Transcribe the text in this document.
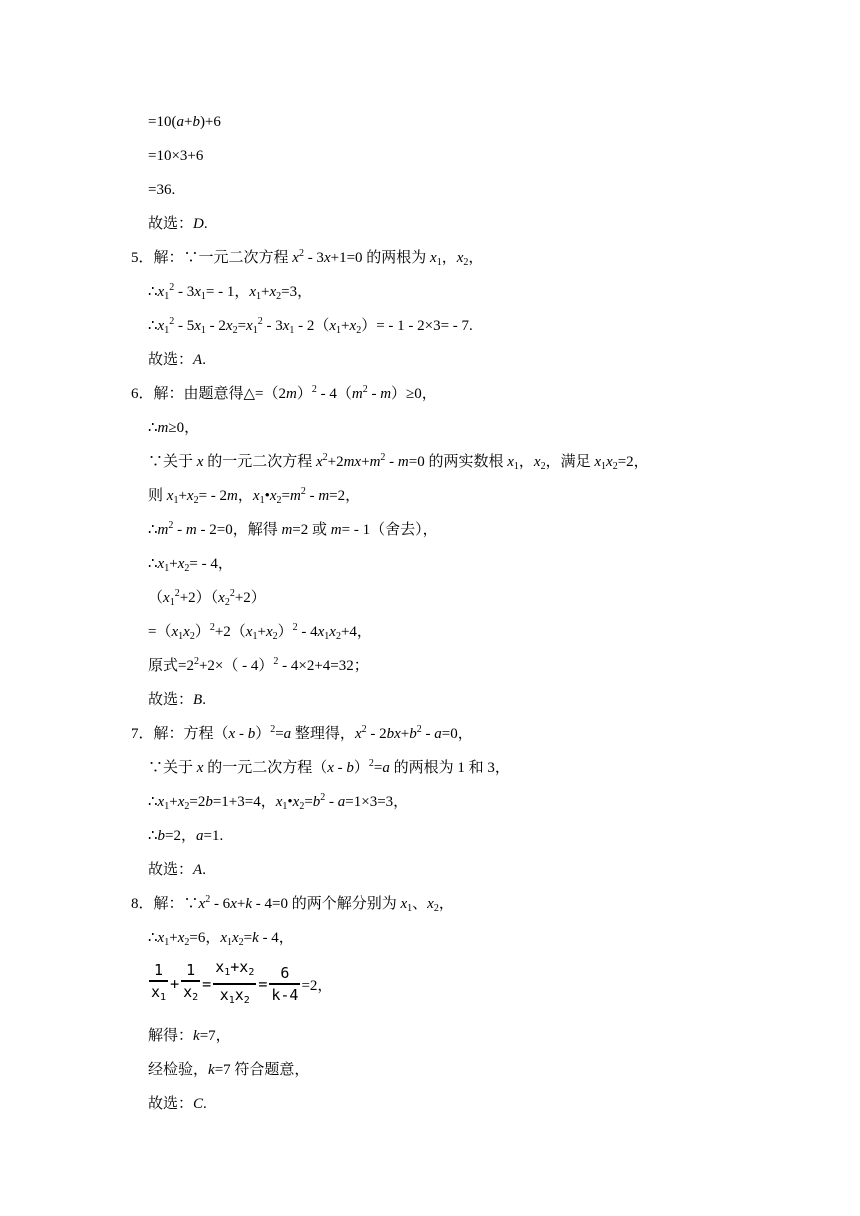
=10(a+b)+6
=10×3+6
=36.
故选：D.
5．解：∵一元二次方程 $x^2 - 3x+1=0$ 的两根为 $x_1$，$x_2$，
$\therefore x_1^2 - 3x_1= - 1$，$x_1+x_2=3$，
$\therefore x_1^2 - 5x_1 - 2x_2=x_1^2 - 3x_1 - 2(x_1+x_2)= - 1 - 2\times 3= - 7$.
故选：A.
6．解：由题意得$\triangle=(2m)^2 - 4(m^2 - m)\ge 0$，
∴m≥0，
∵关于 x 的一元二次方程 $x^2+2mx+m^2 - m=0$ 的两实数根 $x_1$，$x_2$，满足 $x_1x_2=2$，
则 $x_1+x_2= - 2m$，$x_1•x_2=m^2 - m=2$，
$\therefore m^2 - m - 2=0$，解得 m=2 或 m= - 1（舍去），
$\therefore x_1+x_2= - 4$，
$(x_1^2+2)(x_2^2+2)$
$=(x_1x_2)^2+2(x_1+x_2)^2 - 4x_1x_2+4$，
原式$=2^2+2\times( - 4)^2 - 4\times 2+4=32$；
故选：B.
7．解：方程（x - b）$^2$=a 整理得，$x^2 - 2bx+b^2 - a=0$，
∵关于 x 的一元二次方程（x - b）$^2$=a 的两根为 1 和 3，
$\therefore x_1+x_2=2b=1+3=4$，$x_1•x_2=b^2 - a=1\times 3=3$，
∴b=2，a=1.
故选：A.
8．解：$\because x^2 - 6x+k - 4=0$ 的两个解分别为 $x_1$、$x_2$，
$\therefore x_1+x_2=6$，$x_1x_2=k - 4$，
$\frac{1}{x_1} + \frac{1}{x_2} = \frac{x_1+x_2}{x_1x_2} = \frac{6}{k-4} =2$，
解得：k=7，
经检验，k=7 符合题意，
故选：C.
